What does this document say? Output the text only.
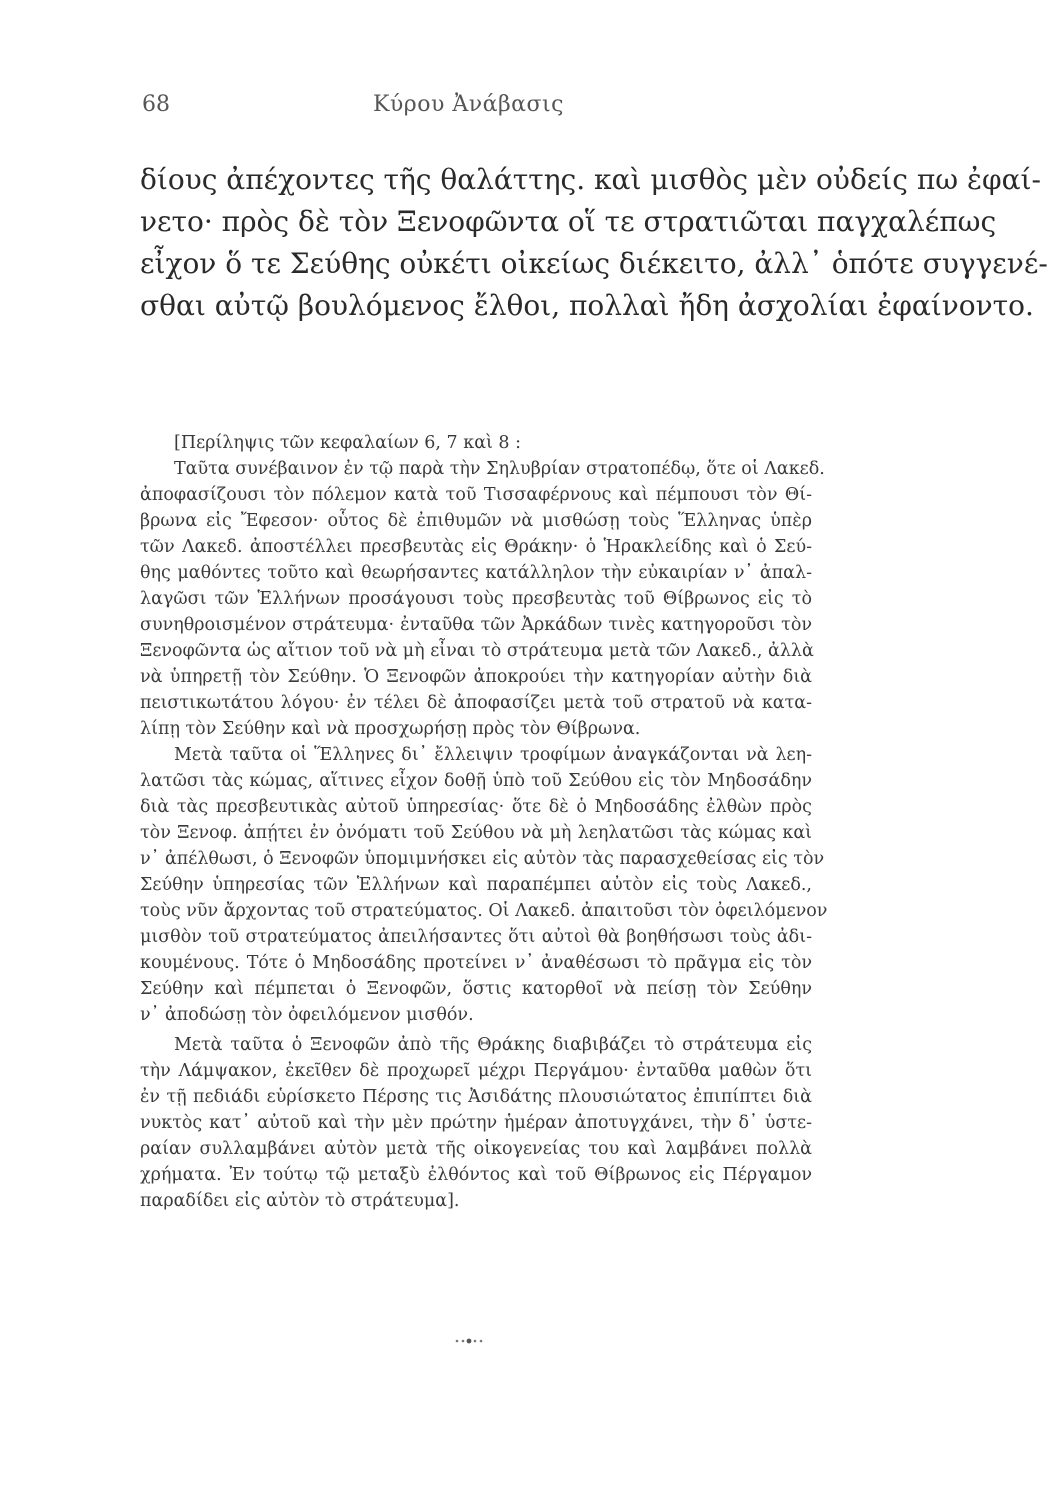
68	Κύρου Ἀνάβασις
δίους ἀπέχοντες τῆς θαλάττης. καὶ μισθὸς μὲν οὐδείς πω ἐφαί-
νετο· πρὸς δὲ τὸν Ξενοφῶντα οἵ τε στρατιῶται παγχαλέπως
εἶχον ὅ τε Σεύθης οὐκέτι οἰκείως διέκειτο, ἀλλ᾽ ὁπότε συγγενέ-
σθαι αὐτῷ βουλόμενος ἔλθοι, πολλαὶ ἤδη ἀσχολίαι ἐφαίνοντο.
[Περίληψις τῶν κεφαλαίων 6, 7 καὶ 8 :
Ταῦτα συνέβαινον ἐν τῷ παρὰ τὴν Σηλυβρίαν στρατοπέδῳ, ὅτε οἱ Λακεδ.
ἀποφασίζουσι τὸν πόλεμον κατὰ τοῦ Τισσαφέρνους καὶ πέμπουσι τὸν Θί-
βρωνα εἰς Ἔφεσον· οὗτος δὲ ἐπιθυμῶν νὰ μισθώσῃ τοὺς Ἕλληνας ὑπὲρ
τῶν Λακεδ. ἀποστέλλει πρεσβευτὰς εἰς Θράκην· ὁ Ἡρακλείδης καὶ ὁ Σεύ-
θης μαθόντες τοῦτο καὶ θεωρήσαντες κατάλληλον τὴν εὐκαιρίαν ν᾽ ἀπαλ-
λαγῶσι τῶν Ἑλλήνων προσάγουσι τοὺς πρεσβευτὰς τοῦ Θίβρωνος εἰς τὸ
συνηθροισμένον στράτευμα· ἐνταῦθα τῶν Ἀρκάδων τινὲς κατηγοροῦσι τὸν
Ξενοφῶντα ὡς αἴτιον τοῦ νὰ μὴ εἶναι τὸ στράτευμα μετὰ τῶν Λακεδ., ἀλλὰ
νὰ ὑπηρετῇ τὸν Σεύθην. Ὁ Ξενοφῶν ἀποκρούει τὴν κατηγορίαν αὐτὴν διὰ
πειστικωτάτου λόγου· ἐν τέλει δὲ ἀποφασίζει μετὰ τοῦ στρατοῦ νὰ κατα-
λίπῃ τὸν Σεύθην καὶ νὰ προσχωρήσῃ πρὸς τὸν Θίβρωνα.
Μετὰ ταῦτα οἱ Ἕλληνες δι᾽ ἔλλειψιν τροφίμων ἀναγκάζονται νὰ λεη-
λατῶσι τὰς κώμας, αἵτινες εἶχον δοθῇ ὑπὸ τοῦ Σεύθου εἰς τὸν Μηδοσάδην
διὰ τὰς πρεσβευτικὰς αὐτοῦ ὑπηρεσίας· ὅτε δὲ ὁ Μηδοσάδης ἐλθὼν πρὸς
τὸν Ξενοφ. ἀπῄτει ἐν ὀνόματι τοῦ Σεύθου νὰ μὴ λεηλατῶσι τὰς κώμας καὶ
ν᾽ ἀπέλθωσι, ὁ Ξενοφῶν ὑπομιμνήσκει εἰς αὐτὸν τὰς παρασχεθείσας εἰς τὸν
Σεύθην ὑπηρεσίας τῶν Ἑλλήνων καὶ παραπέμπει αὐτὸν εἰς τοὺς Λακεδ.,
τοὺς νῦν ἄρχοντας τοῦ στρατεύματος. Οἱ Λακεδ. ἀπαιτοῦσι τὸν ὀφειλόμενον
μισθὸν τοῦ στρατεύματος ἀπειλήσαντες ὅτι αὐτοὶ θὰ βοηθήσωσι τοὺς ἀδι-
κουμένους. Τότε ὁ Μηδοσάδης προτείνει ν᾽ ἀναθέσωσι τὸ πρᾶγμα εἰς τὸν
Σεύθην καὶ πέμπεται ὁ Ξενοφῶν, ὅστις κατορθοῖ νὰ πείσῃ τὸν Σεύθην
ν᾽ ἀποδώσῃ τὸν ὀφειλόμενον μισθόν.
Μετὰ ταῦτα ὁ Ξενοφῶν ἀπὸ τῆς Θράκης διαβιβάζει τὸ στράτευμα εἰς
τὴν Λάμψακον, ἐκεῖθεν δὲ προχωρεῖ μέχρι Περγάμου· ἐνταῦθα μαθὼν ὅτι
ἐν τῇ πεδιάδι εὑρίσκετο Πέρσης τις Ἀσιδάτης πλουσιώτατος ἐπιπίπτει διὰ
νυκτὸς κατ᾽ αὐτοῦ καὶ τὴν μὲν πρώτην ἡμέραν ἀποτυγχάνει, τὴν δ᾽ ὑστε-
ραίαν συλλαμβάνει αὐτὸν μετὰ τῆς οἰκογενείας του καὶ λαμβάνει πολλὰ
χρήματα. Ἐν τούτῳ τῷ μεταξὺ ἐλθόντος καὶ τοῦ Θίβρωνος εἰς Πέργαμον
παραδίδει εἰς αὐτὸν τὸ στράτευμα].
